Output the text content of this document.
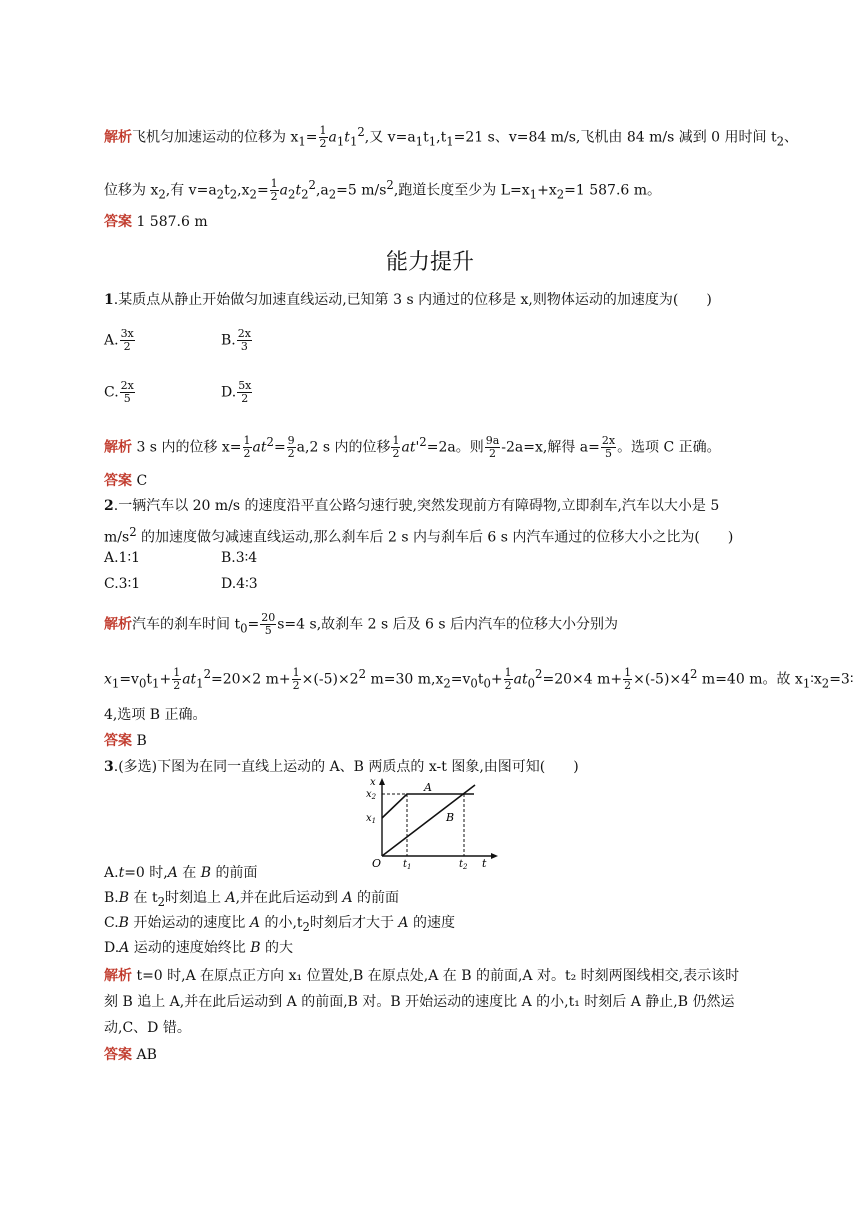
解析飞机匀加速运动的位移为 $x_1= \frac{1}{2} a_1t_1^2$,又 $v=a_1t_1,t_1=21$ s、v=84 m/s,飞机由 84 m/s 减到 0 用时间 $t_2$、
位移为 $x_2$,有 $v=a_2t_2,x_2= \frac{1}{2} a_2t_2^2,a_2=5$ $m/s^2$,跑道长度至少为 $L=x_1+x_2=1$ 587.6 m。
答案 1 587.6 m
能力提升
1.某质点从静止开始做匀加速直线运动,已知第 3 s 内通过的位移是 x,则物体运动的加速度为(　　)
A. $\frac{3x}{2}$	B. $\frac{2x}{3}$
C. $\frac{2x}{5}$	D. $\frac{5x}{2}$
解析 3 s 内的位移 $x= \frac{1}{2} at^2= \frac{9}{2} a,2$ s 内的位移 $\frac{1}{2} at'^2=2a$。则 $\frac{9a}{2} -2a=x$,解得 $a= \frac{2x}{5}$ 。选项 C 正确。
答案 C
2.一辆汽车以 20 m/s 的速度沿平直公路匀速行驶,突然发现前方有障碍物,立即刹车,汽车以大小是 5
$m/s^2$ 的加速度做匀减速直线运动,那么刹车后 2 s 内与刹车后 6 s 内汽车通过的位移大小之比为(　　)
A.1∶1	B.3∶4
C.3∶1	D.4∶3
解析汽车的刹车时间 $t_0= \frac{20}{5} s=4$ s,故刹车 2 s 后及 6 s 后内汽车的位移大小分别为
$x_1=v_0t_1+ \frac{1}{2} at_1^2=20\times 2$ $m+ \frac{1}{2} \times(-5)\times 2^2$ m=30 $m,x_2=v_0t_0+ \frac{1}{2} at_0^2=20\times 4$ $m+ \frac{1}{2} \times(-5)\times 4^2$ m=40 m。故 $x_1∶x_2=3∶$
4,选项 B 正确。
答案 B
3.(多选)下图为在同一直线上运动的 A、B 两质点的 x-t 图象,由图可知(　　)
x
$x_2$
$x_1$
O $t_1$	$t_2$ t
A
B
A.t=0 时,A 在 B 的前面
B.B 在 $t_2$时刻追上 A,并在此后运动到 A 的前面
C.B 开始运动的速度比 A 的小$,t_2$时刻后才大于 A 的速度
D.A 运动的速度始终比 B 的大
解析 t=0 时,A 在原点正方向 x₁ 位置处,B 在原点处,A 在 B 的前面,A 对。t₂ 时刻两图线相交,表示该时
刻 B 追上 A,并在此后运动到 A 的前面,B 对。B 开始运动的速度比 A 的小,t₁ 时刻后 A 静止,B 仍然运
动,C、D 错。
答案 AB
